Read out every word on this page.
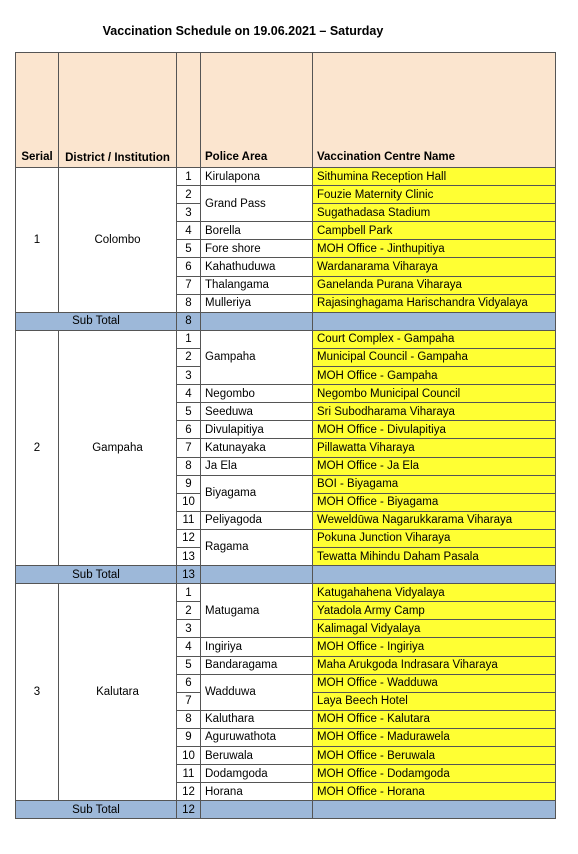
Vaccination Schedule on 19.06.2021 – Saturday
Serial	District / Institution		Police Area	Vaccination Centre Name
1	Colombo	1	Kirulapona	Sithumina Reception Hall
		2	Grand Pass	Fouzie Maternity Clinic
		3		Sugathadasa Stadium
		4	Borella	Campbell Park
		5	Fore shore	MOH Office - Jinthupitiya
		6	Kahathuduwa	Wardanarama Viharaya
		7	Thalangama	Ganelanda Purana Viharaya
		8	Mulleriya	Rajasinghagama Harischandra Vidyalaya
Sub Total		8		
2	Gampaha	1	Gampaha	Court Complex - Gampaha
		2		Municipal Council - Gampaha
		3		MOH Office - Gampaha
		4	Negombo	Negombo Municipal Council
		5	Seeduwa	Sri Subodharama Viharaya
		6	Divulapitiya	MOH Office - Divulapitiya
		7	Katunayaka	Pillawatta Viharaya
		8	Ja Ela	MOH Office - Ja Ela
		9	Biyagama	BOI - Biyagama
		10		MOH Office - Biyagama
		11	Peliyagoda	Weweldūwa Nagarukkarama Viharaya
		12	Ragama	Pokuna Junction Viharaya
		13		Tewatta Mihindu Daham Pasala
Sub Total		13		
3	Kalutara	1	Matugama	Katugahahena Vidyalaya
		2		Yatadola Army Camp
		3		Kalimagal Vidyalaya
		4	Ingiriya	MOH Office - Ingiriya
		5	Bandaragama	Maha Arukgoda Indrasara Viharaya
		6	Wadduwa	MOH Office - Wadduwa
		7		Laya Beech Hotel
		8	Kaluthara	MOH Office - Kalutara
		9	Aguruwathota	MOH Office - Madurawela
		10	Beruwala	MOH Office - Beruwala
		11	Dodamgoda	MOH Office - Dodamgoda
		12	Horana	MOH Office - Horana
Sub Total		12		
